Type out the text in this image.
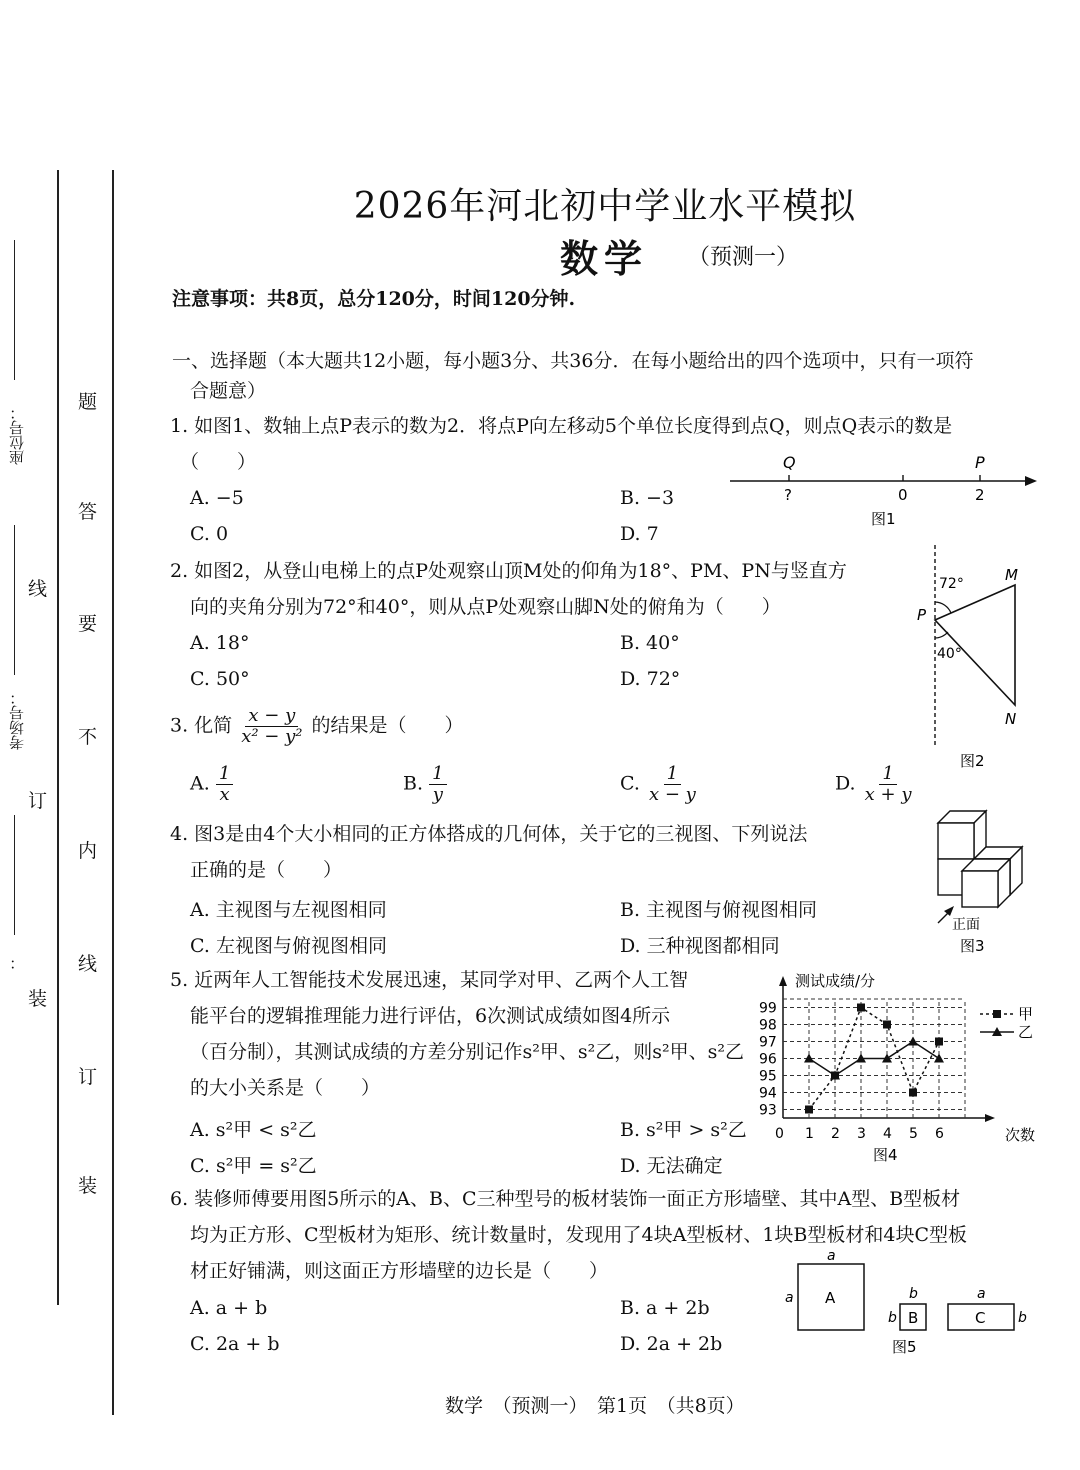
座位号：
考场号：
：
线
订
装
题
答
要
不
内
线
订
装
2026年河北初中学业水平模拟
数学 （预测一）
注意事项：共8页，总分120分，时间120分钟.
一、选择题（本大题共12小题，每小题3分、共36分．在每小题给出的四个选项中，只有一项符
合题意）
1. 如图1、数轴上点P表示的数为2．将点P向左移动5个单位长度得到点Q，则点Q表示的数是
（　　）
A. −5	B. −3
C. 0	D. 7
Q	P
?	0	2
图1
2. 如图2，从登山电梯上的点P处观察山顶M处的仰角为18°、PM、PN与竖直方
向的夹角分别为72°和40°，则从点P处观察山脚N处的俯角为（　　）
A. 18°	B. 40°
C. 50°	D. 72°
M
P
N
72°
40°
图2
3. 化简 $\frac{x - y}{\text{x² − y²}}$ 的结果是（　　）
A. $\frac{1}{x}$	B. $\frac{1}{y}$	C. $\frac{1}{x - y}$	D. $\frac{1}{x + y}$
4. 图3是由4个大小相同的正方体搭成的几何体，关于它的三视图、下列说法
正确的是（　　）
A. 主视图与左视图相同	B. 主视图与俯视图相同
C. 左视图与俯视图相同	D. 三种视图都相同
正面
图3
5. 近两年人工智能技术发展迅速，某同学对甲、乙两个人工智
能平台的逻辑推理能力进行评估，6次测试成绩如图4所示
（百分制），其测试成绩的方差分别记作s²甲、s²乙，则s²甲、s²乙
的大小关系是（　　）
A. s²甲 < s²乙	B. s²甲 > s²乙
C. s²甲 = s²乙	D. 无法确定
93
94
95
96
97
98
99
0 1 2 3 4 5 6
测试成绩/分
次数
图4
甲
乙
6. 装修师傅要用图5所示的A、B、C三种型号的板材装饰一面正方形墙壁、其中A型、B型板材
均为正方形、C型板材为矩形、统计数量时，发现用了4块A型板材、1块B型板材和4块C型板
材正好铺满，则这面正方形墙壁的边长是（　　）
A. a + b	B. a + 2b
C. 2a + b	D. 2a + 2b
a
a A	b
b B
a
C b
图5
数学　（预测一）　第1页　（共8页）
